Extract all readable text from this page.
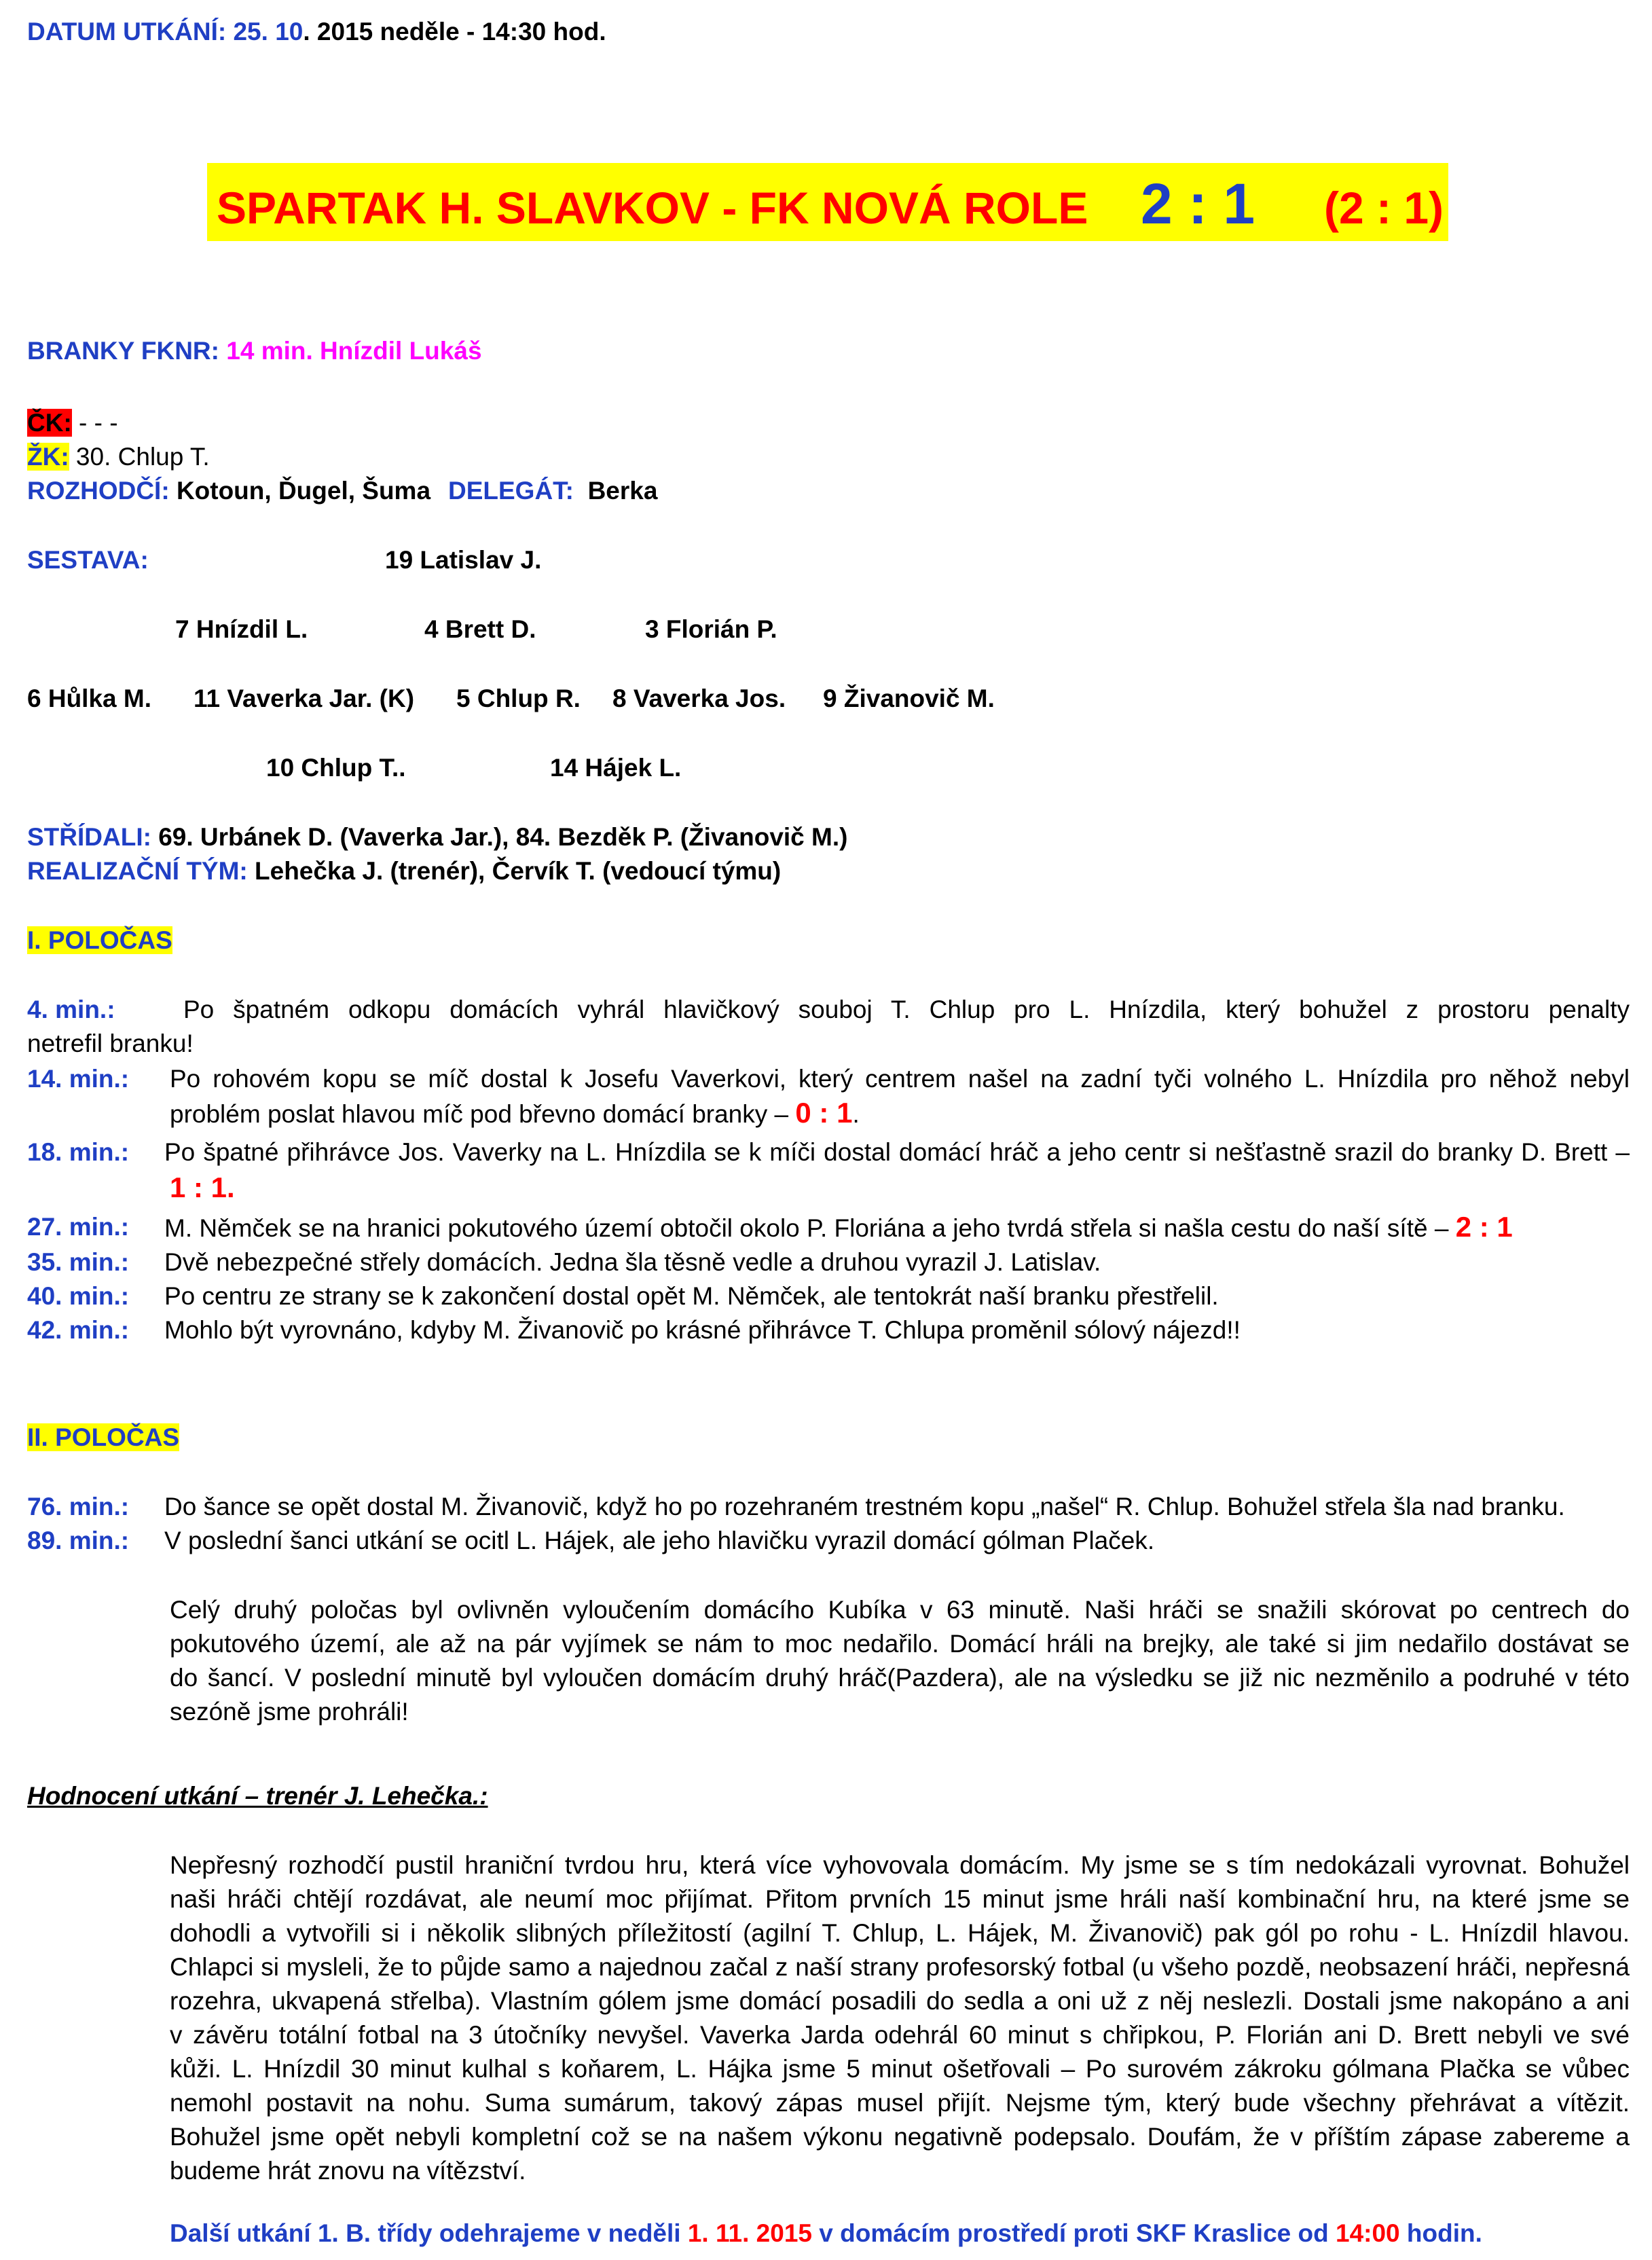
DATUM UTKÁNÍ: 25. 10. 2015 neděle - 14:30 hod.
SPARTAK H. SLAVKOV - FK NOVÁ ROLE 2 : 1 (2 : 1)
BRANKY FKNR: 14 min. Hnízdil Lukáš
ČK: - - -
ŽK: 30. Chlup T.
ROZHODČÍ: Kotoun, Ďugel, Šuma DELEGÁT: Berka
SESTAVA:	19 Latislav J.
7 Hnízdil L.	4 Brett D.	3 Florián P.
6 Hůlka M. 11 Vaverka Jar. (K) 5 Chlup R. 8 Vaverka Jos. 9 Živanovič M.
10 Chlup T..	14 Hájek L.
STŘÍDALI: 69. Urbánek D. (Vaverka Jar.), 84. Bezděk P. (Živanovič M.)
REALIZAČNÍ TÝM: Lehečka J. (trenér), Červík T. (vedoucí týmu)
I. POLOČAS
4. min.:	Po špatném odkopu domácích vyhrál hlavičkový souboj T. Chlup pro L. Hnízdila, který bohužel z prostoru penalty
netrefil branku!
14. min.: Po rohovém kopu se míč dostal k Josefu Vaverkovi, který centrem našel na zadní tyči volného L. Hnízdila pro něhož nebyl
problém poslat hlavou míč pod břevno domácí branky – 0 : 1.
18. min.: Po špatné přihrávce Jos. Vaverky na L. Hnízdila se k míči dostal domácí hráč a jeho centr si nešťastně srazil do branky D. Brett –
1 : 1.
27. min.: M. Němček se na hranici pokutového území obtočil okolo P. Floriána a jeho tvrdá střela si našla cestu do naší sítě – 2 : 1
35. min.: Dvě nebezpečné střely domácích. Jedna šla těsně vedle a druhou vyrazil J. Latislav.
40. min.: Po centru ze strany se k zakončení dostal opět M. Němček, ale tentokrát naší branku přestřelil.
42. min.: Mohlo být vyrovnáno, kdyby M. Živanovič po krásné přihrávce T. Chlupa proměnil sólový nájezd!!
II. POLOČAS
76. min.: Do šance se opět dostal M. Živanovič, když ho po rozehraném trestném kopu „našel“ R. Chlup. Bohužel střela šla nad branku.
89. min.: V poslední šanci utkání se ocitl L. Hájek, ale jeho hlavičku vyrazil domácí gólman Plaček.
Celý druhý poločas byl ovlivněn vyloučením domácího Kubíka v 63 minutě. Naši hráči se snažili skórovat po centrech do
pokutového území, ale až na pár vyjímek se nám to moc nedařilo. Domácí hráli na brejky, ale také si jim nedařilo dostávat se
do šancí. V poslední minutě byl vyloučen domácím druhý hráč(Pazdera), ale na výsledku se již nic nezměnilo a podruhé v této
sezóně jsme prohráli!
Hodnocení utkání – trenér J. Lehečka.:
Nepřesný rozhodčí pustil hraniční tvrdou hru, která více vyhovovala domácím. My jsme se s tím nedokázali vyrovnat. Bohužel
naši hráči chtějí rozdávat, ale neumí moc přijímat. Přitom prvních 15 minut jsme hráli naší kombinační hru, na které jsme se
dohodli a vytvořili si i několik slibných příležitostí (agilní T. Chlup, L. Hájek, M. Živanovič) pak gól po rohu - L. Hnízdil hlavou.
Chlapci si mysleli, že to půjde samo a najednou začal z naší strany profesorský fotbal (u všeho pozdě, neobsazení hráči, nepřesná
rozehra, ukvapená střelba). Vlastním gólem jsme domácí posadili do sedla a oni už z něj neslezli. Dostali jsme nakopáno a ani
v závěru totální fotbal na 3 útočníky nevyšel. Vaverka Jarda odehrál 60 minut s chřipkou, P. Florián ani D. Brett nebyli ve své
kůži. L. Hnízdil 30 minut kulhal s koňarem, L. Hájka jsme 5 minut ošetřovali – Po surovém zákroku gólmana Plačka se vůbec
nemohl postavit na nohu. Suma sumárum, takový zápas musel přijít. Nejsme tým, který bude všechny přehrávat a vítězit.
Bohužel jsme opět nebyli kompletní což se na našem výkonu negativně podepsalo. Doufám, že v příštím zápase zabereme a
budeme hrát znovu na vítězství.
Další utkání 1. B. třídy odehrajeme v neděli 1. 11. 2015 v domácím prostředí proti SKF Kraslice od 14:00 hodin.
